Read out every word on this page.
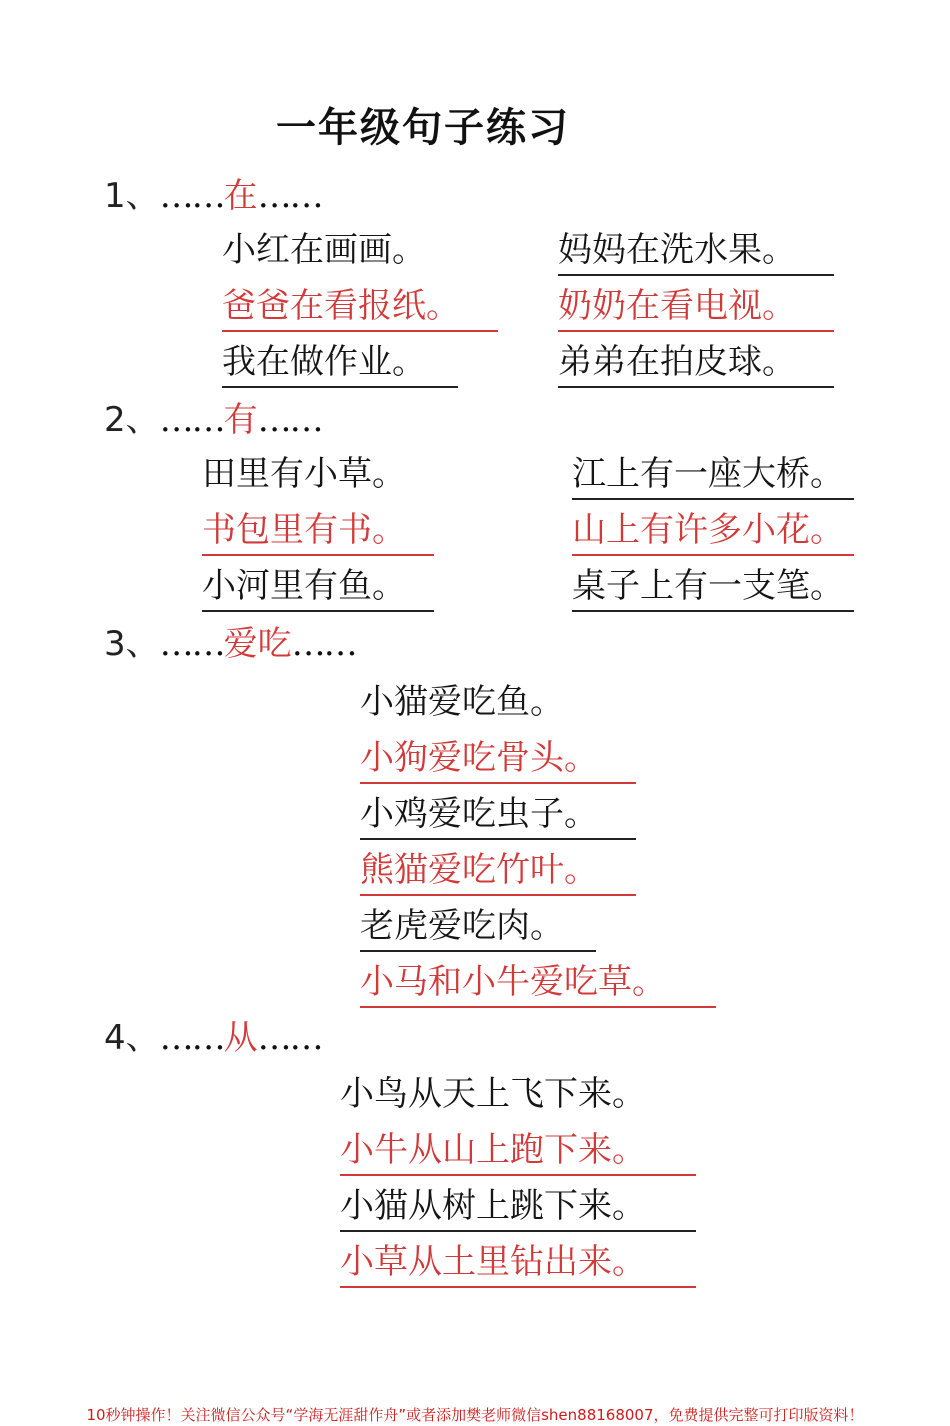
一年级句子练习
1、……在……
小红在画画。	妈妈在洗水果。
爸爸在看报纸。	奶奶在看电视。
我在做作业。	弟弟在拍皮球。
2、……有……
田里有小草。	江上有一座大桥。
书包里有书。	山上有许多小花。
小河里有鱼。	桌子上有一支笔。
3、……爱吃……
小猫爱吃鱼。
小狗爱吃骨头。
小鸡爱吃虫子。
熊猫爱吃竹叶。
老虎爱吃肉。
小马和小牛爱吃草。
4、……从……
小鸟从天上飞下来。
小牛从山上跑下来。
小猫从树上跳下来。
小草从土里钻出来。
10秒钟操作！关注微信公众号“学海无涯甜作舟”或者添加樊老师微信shen88168007，免费提供完整可打印版资料！
